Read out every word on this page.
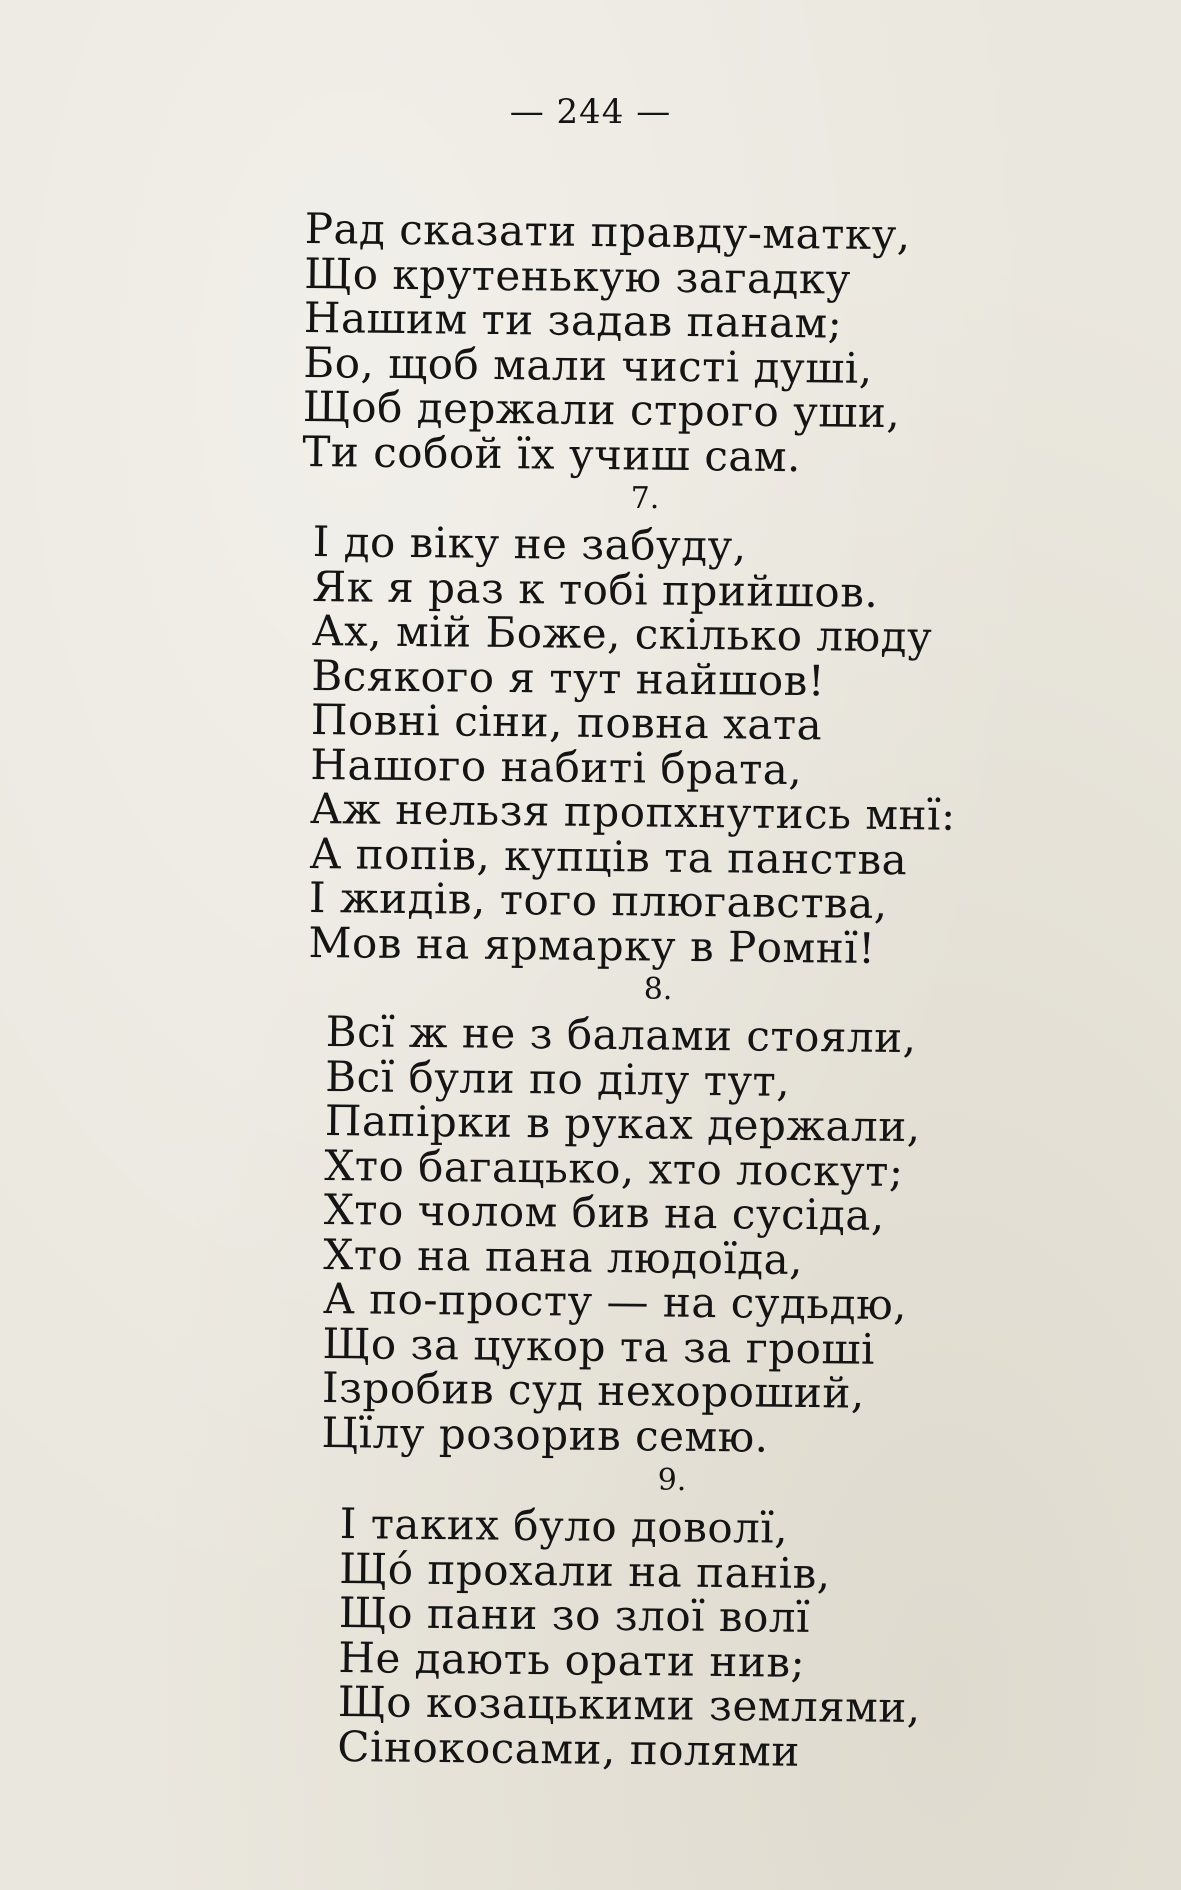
— 244 —
Рад сказати правду-матку,
Що крутенькую загадку
Нашим ти задав панам;
Бо, щоб мали чисті душі,
Щоб держали строго уши,
Ти собой їх учиш сам.
7.
І до віку не забуду,
Як я раз к тобі прийшов.
Ах, мій Боже, скілько люду
Всякого я тут найшов!
Повні сіни, повна хата
Нашого набиті брата,
Аж нельзя пропхнутись мнї:
А попів, купців та панства
І жидів, того плюгавства,
Мов на ярмарку в Ромнї!
8.
Всї ж не з балами стояли,
Всї були по ділу тут,
Папірки в руках держали,
Хто багацько, хто лоскут;
Хто чолом бив на сусіда,
Хто на пана людоїда,
А по-просту — на судьдю,
Що за цукор та за гроші
Ізробив суд нехороший,
Цїлу розорив семю.
9.
І таких було доволї,
Що́ прохали на панів,
Що пани зо злої волї
Не дають орати нив;
Що козацькими землями,
Сінокосами, полями
